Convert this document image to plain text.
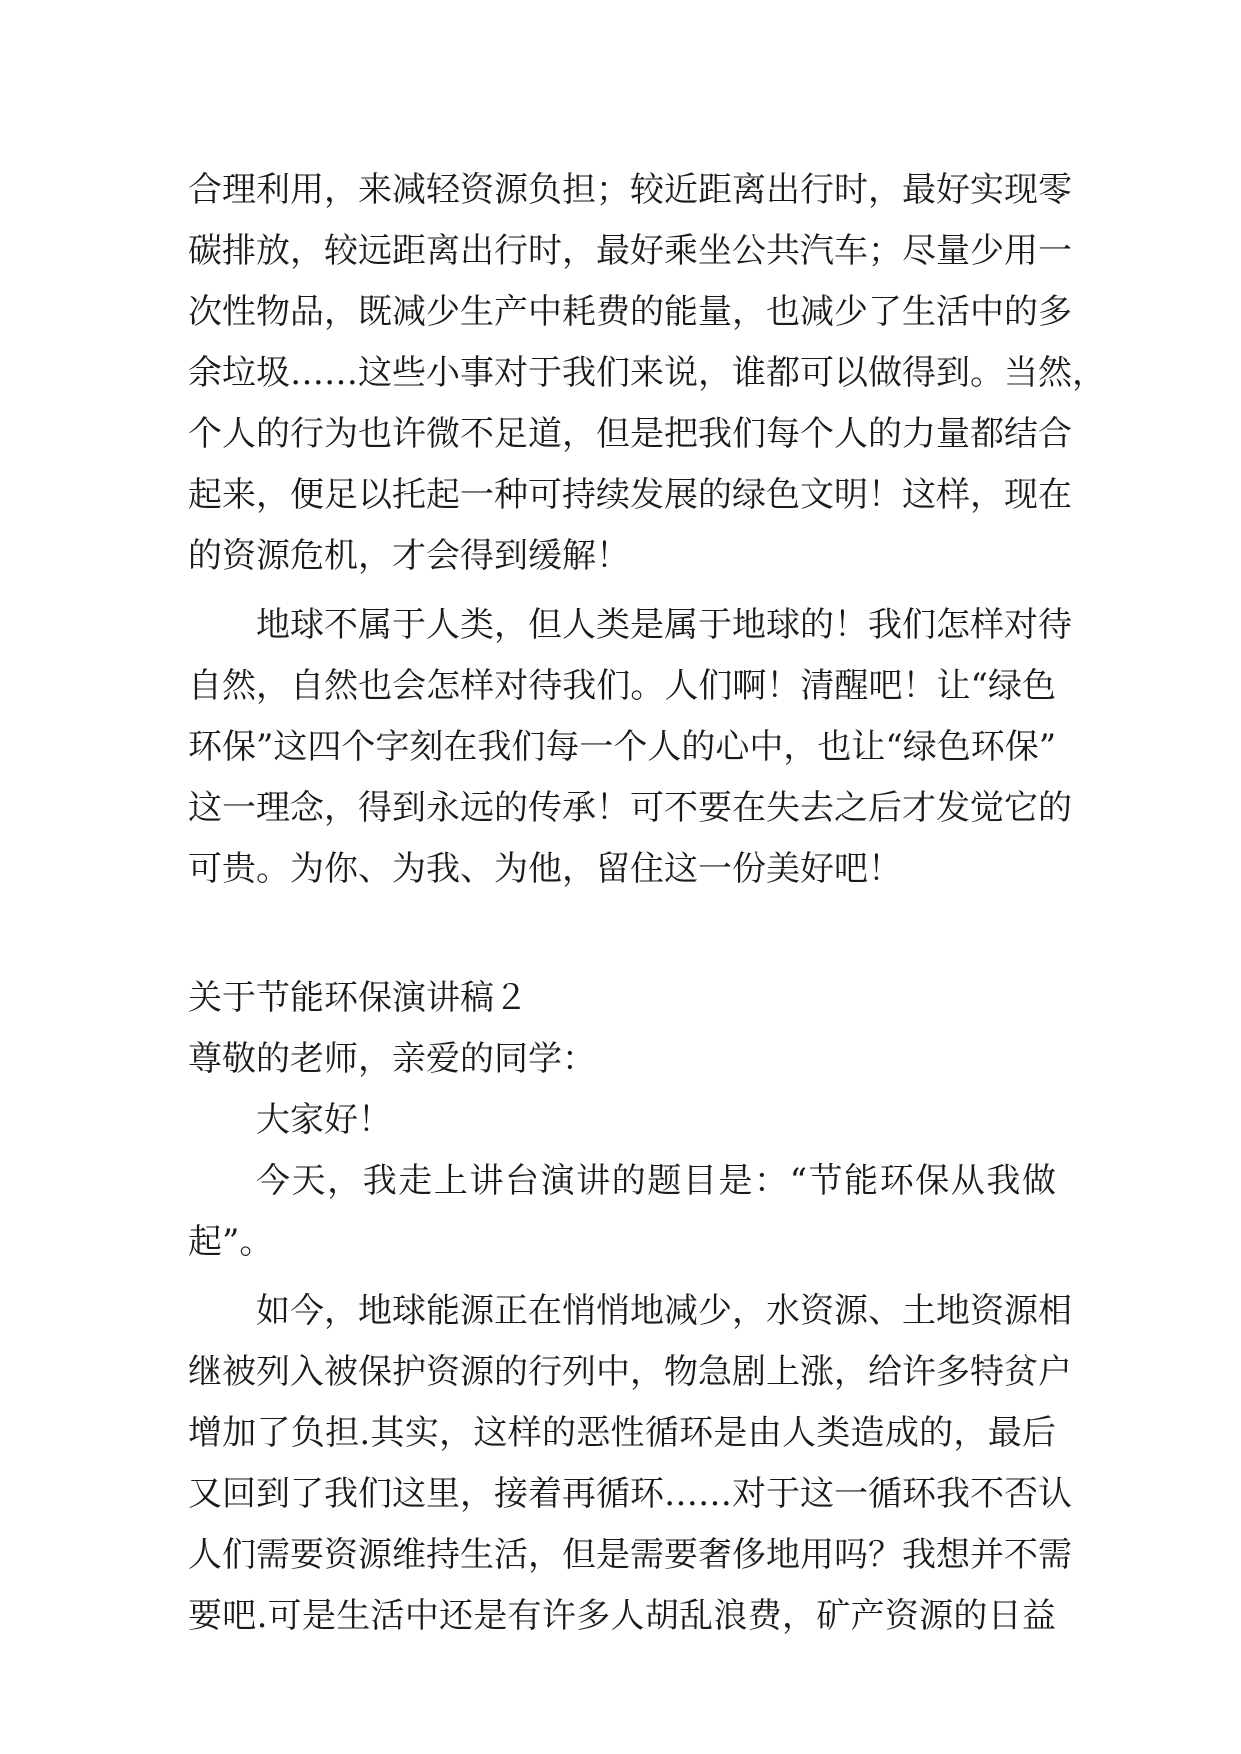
合理利用，来减轻资源负担；较近距离出行时，最好实现零
碳排放，较远距离出行时，最好乘坐公共汽车；尽量少用一
次性物品，既减少生产中耗费的能量，也减少了生活中的多
余垃圾……这些小事对于我们来说，谁都可以做得到。当然，
个人的行为也许微不足道，但是把我们每个人的力量都结合
起来，便足以托起一种可持续发展的绿色文明！这样，现在
的资源危机，才会得到缓解！
地球不属于人类，但人类是属于地球的！我们怎样对待
自然，自然也会怎样对待我们。人们啊！清醒吧！让“绿色
环保”这四个字刻在我们每一个人的心中，也让“绿色环保”
这一理念，得到永远的传承！可不要在失去之后才发觉它的
可贵。为你、为我、为他，留住这一份美好吧！
关于节能环保演讲稿２
尊敬的老师，亲爱的同学：
大家好！
今天，我走上讲台演讲的题目是：“节能环保从我做
起”。
如今，地球能源正在悄悄地减少，水资源、土地资源相
继被列入被保护资源的行列中，物急剧上涨，给许多特贫户
增加了负担.其实，这样的恶性循环是由人类造成的，最后
又回到了我们这里，接着再循环……对于这一循环我不否认
人们需要资源维持生活，但是需要奢侈地用吗？我想并不需
要吧.可是生活中还是有许多人胡乱浪费，矿产资源的日益
